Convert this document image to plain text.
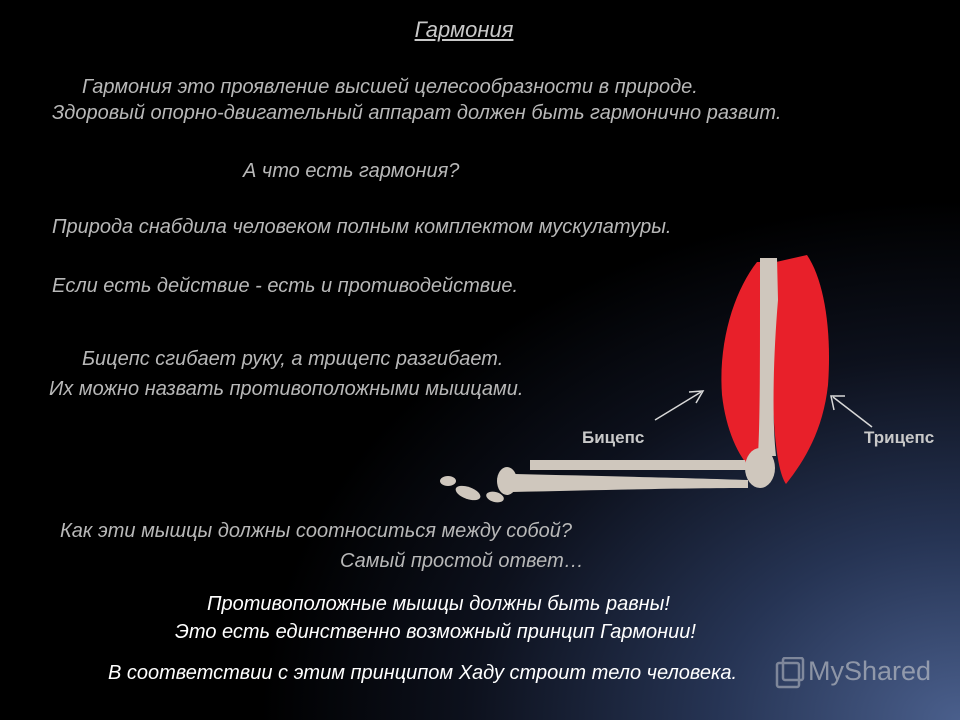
Гармония
Гармония это проявление высшей целесообразности в природе.
Здоровый опорно-двигательный аппарат должен быть гармонично развит.
А что есть гармония?
Природа снабдила человеком полным комплектом мускулатуры.
Если есть действие - есть и противодействие.
Бицепс сгибает руку, а трицепс разгибает.
Их можно назвать противоположными мышцами.
Как эти мышцы должны соотноситься между собой?
Самый простой ответ…
Противоположные мышцы должны быть равны!
Это есть единственно возможный принцип Гармонии!
В соответствии с этим принципом Хаду строит тело человека.
Бицепс	Трицепс
MyShared
